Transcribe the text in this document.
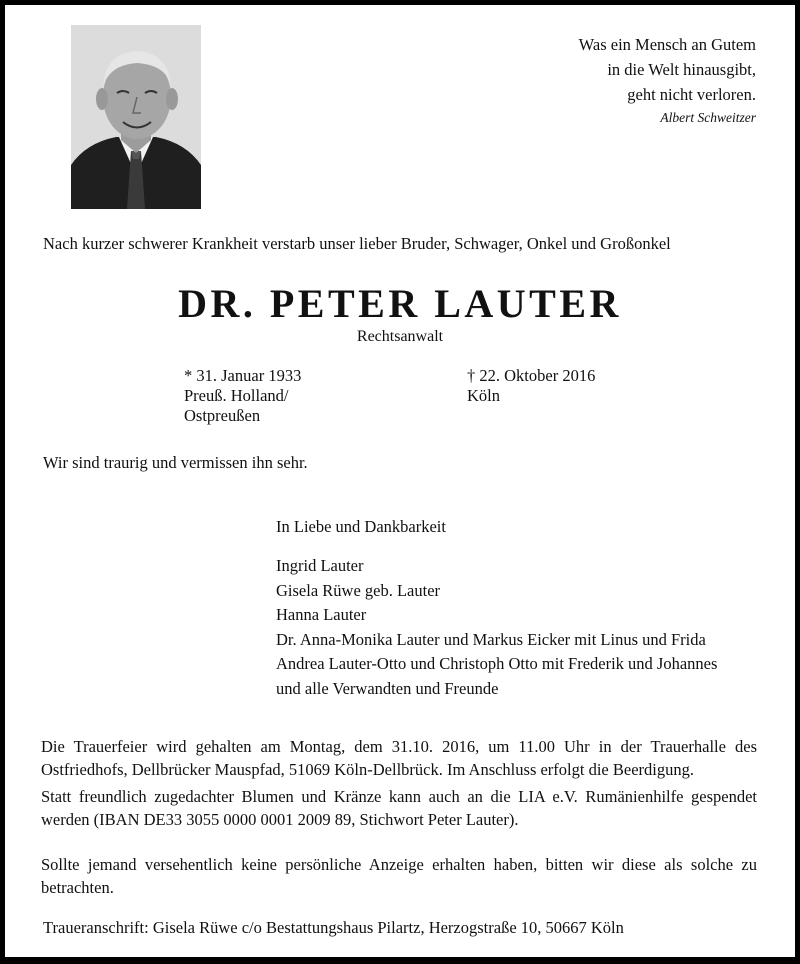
Was ein Mensch an Gutem
in die Welt hinausgibt,
geht nicht verloren.
Albert Schweitzer
Nach kurzer schwerer Krankheit verstarb unser lieber Bruder, Schwager, Onkel und Großonkel
DR. PETER LAUTER
Rechtsanwalt
* 31. Januar 1933
Preuß. Holland/
Ostpreußen
† 22. Oktober 2016
Köln
Wir sind traurig und vermissen ihn sehr.
In Liebe und Dankbarkeit
Ingrid Lauter
Gisela Rüwe geb. Lauter
Hanna Lauter
Dr. Anna-Monika Lauter und Markus Eicker mit Linus und Frida
Andrea Lauter-Otto und Christoph Otto mit Frederik und Johannes
und alle Verwandten und Freunde
Die Trauerfeier wird gehalten am Montag, dem 31.10. 2016, um 11.00 Uhr in der Trauerhalle des Ostfriedhofs, Dellbrücker Mauspfad, 51069 Köln-Dellbrück. Im Anschluss erfolgt die Beerdigung.
Statt freundlich zugedachter Blumen und Kränze kann auch an die LIA e.V. Rumänienhilfe gespendet werden (IBAN DE33 3055 0000 0001 2009 89, Stichwort Peter Lauter).
Sollte jemand versehentlich keine persönliche Anzeige erhalten haben, bitten wir diese als solche zu betrachten.
Traueranschrift: Gisela Rüwe c/o Bestattungshaus Pilartz, Herzogstraße 10, 50667 Köln
